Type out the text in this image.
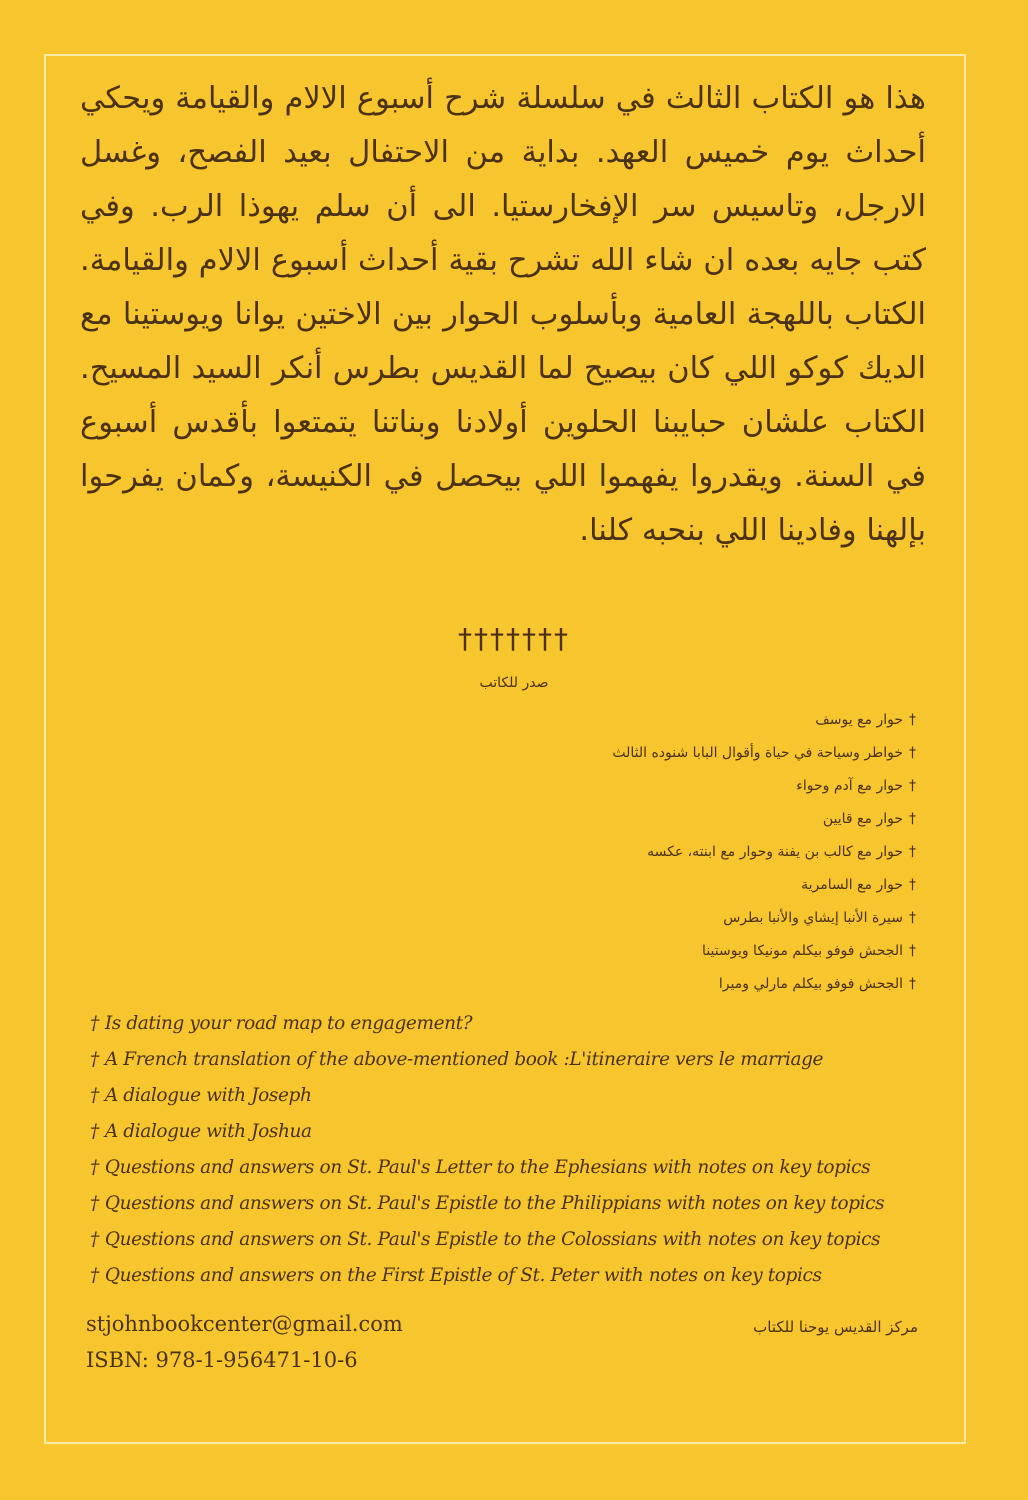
هذا هو الكتاب الثالث في سلسلة شرح أسبوع الالام والقيامة ويحكي أحداث يوم خميس العهد. بداية من الاحتفال بعيد الفصح، وغسل الارجل، وتاسيس سر الإفخارستيا. الى أن سلم يهوذا الرب. وفي كتب جايه بعده ان شاء الله تشرح بقية أحداث أسبوع الالام والقيامة. الكتاب باللهجة العامية وبأسلوب الحوار بين الاختين يوانا ويوستينا مع الديك كوكو اللي كان بيصيح لما القديس بطرس أنكر السيد المسيح. الكتاب علشان حبايبنا الحلوين أولادنا وبناتنا يتمتعوا بأقدس أسبوع في السنة. ويقدروا يفهموا اللي بيحصل في الكنيسة، وكمان يفرحوا بإلهنا وفادينا اللي بنحبه كلنا.
†††††††
صدر للكاتب
†حوار مع يوسف
†خواطر وسياحة في حياة وأقوال البابا شنوده الثالث
†حوار مع آدم وحواء
†حوار مع قايين
†حوار مع كالب بن يفنة وحوار مع ابنته، عكسه
†حوار مع السامرية
†سيرة الأنبا إيشاي والأنبا بطرس
†الجحش فوفو بيكلم مونيكا ويوستينا
†الجحش فوفو بيكلم مارلي وميرا
† Is dating your road map to engagement?
† A French translation of the above-mentioned book :L'itineraire vers le marriage
† A dialogue with Joseph
† A dialogue with Joshua
† Questions and answers on St. Paul's Letter to the Ephesians with notes on key topics
† Questions and answers on St. Paul's Epistle to the Philippians with notes on key topics
† Questions and answers on St. Paul's Epistle to the Colossians with notes on key topics
† Questions and answers on the First Epistle of St. Peter with notes on key topics
stjohnbookcenter@gmail.com
ISBN: 978-1-956471-10-6
مركز القديس يوحنا للكتاب
